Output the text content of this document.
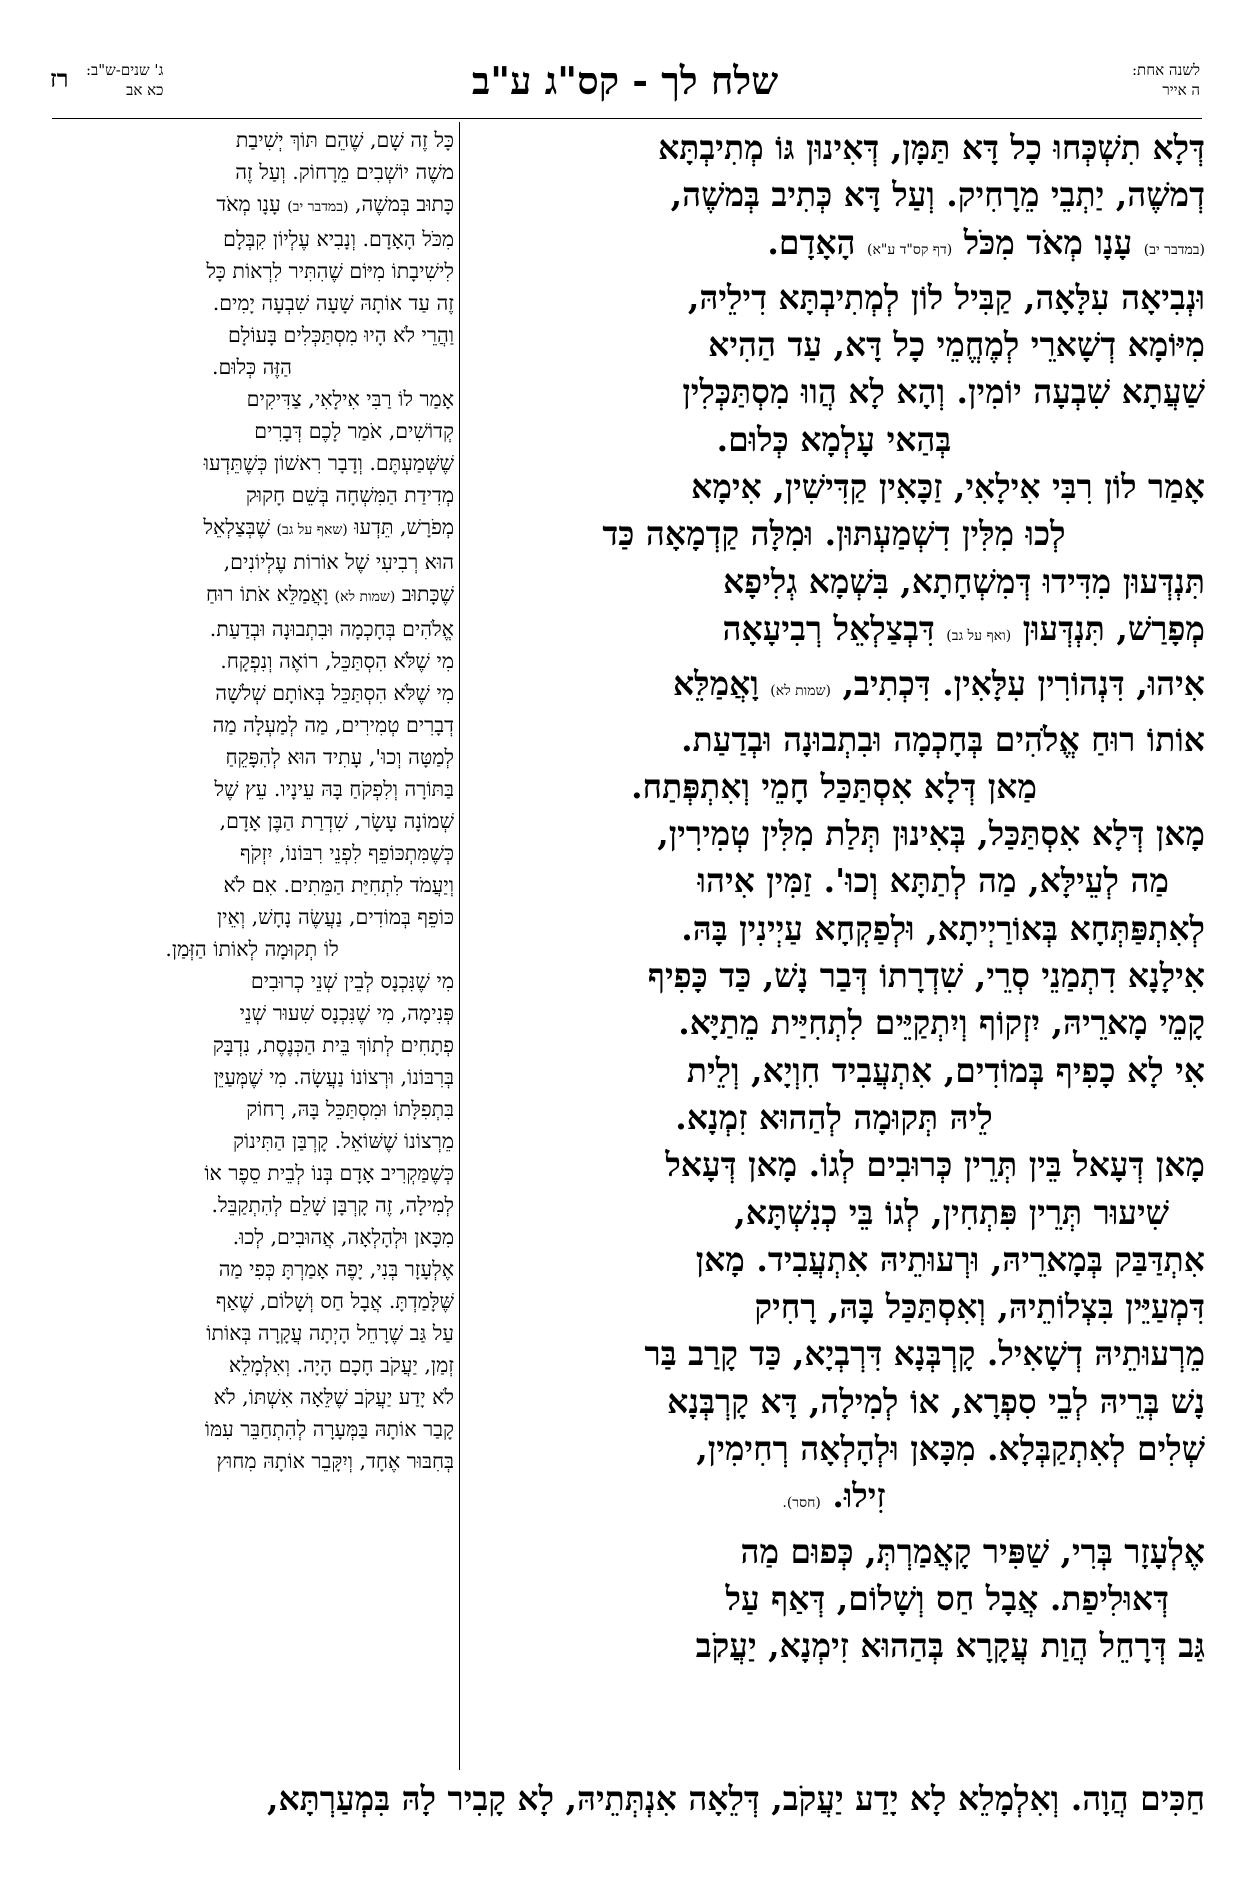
לשנה אחת:
ה אייר
שלח לך - קס"ג ע"ב
ג' שנים-ש"ב:
כא אב
רז

דְּלָא תִשְׁכְּחוּ כָל דָּא תַּמָּן, דְּאִינוּן גּוֹ מְתִיבְתָּא

דְמשֶׁה, יַתְבֵי מֵרָחִיק. וְעַל דָּא כְּתִיב בְּמשֶׁה,

(במדבר יב) עָנָו מְאֹד מִכֹּל (דף קס"ד ע"א) הָאָדָם.

וּנְבִיאָה עִלָּאָה, קַבִּיל לוֹן לְמְתִיבְתָּא דִילֵיהּ,

מִיּוֹמָא דְשָׁארֵי לְמֶחֱמֵי כָל דָּא, עַד הַהִיא

שַׁעֲתָא שִׁבְעָה יוֹמִין. וְהָא לָא הֲווּ מִסְתַּכְּלִין

בְּהַאי עָלְמָא כְּלוּם.

אָמַר לוֹן רִבִּי אִילָאִי, זַכָּאִין קַדִּישִׁין, אִימָא

לְכוּ מִלִּין דִשְׁמַעְתּוּן. וּמִלָּה קַדְמָאָה כַּד

תִּנְדְּעוּן מִדִּידוּ דְּמִשְׁחָתָא, בִּשְׁמָא גְלִיפָא

מְפָרַשׁ, תִּנְדְּעוּן (ואף על גב) דִּבְצַלְאֵל רְבִיעָאָה

אִיהוּ, דִּנְהוֹרִין עִלָּאִין. דִּכְתִיב, (שמות לא) וָאֲמַלֵּא

אוֹתוֹ רוּחַ אֱלֹהִים בְּחָכְמָה וּבִתְבוּנָה וּבְדַעַת.

מַאן דְּלָא אִסְתַּכַּל חָמֵי וְאִתְפְּתַח.

מָאן דְּלָא אִסְתַּכַּל, בְּאִינוּן תְּלַת מִלִּין טְמִירִין,

מַה לְעֵילָּא, מַה לְתַתָּא וְכוּ'. זַמִּין אִיהוּ

לְאִתְפַּתְּחָא בְּאוֹרַיְיתָא, וּלְפַקְחָא עַיְינִין בָּהּ.

אִילָנָא דִתְמַנֵי סְרֵי, שִׁדְרָתוֹ דְּבַר נָשׁ, כַּד כָּפִיף

קָמֵי מָארֵיהּ, יִזְקוֹף וְיִתְקַיֵּים לִתְחִיַּית מֵתַיָּא.

אִי לָא כָפִיף בְּמוֹדִים, אִתְעֲבִיד חִוְיָא, וְלֵית

לֵיהּ תְּקוּמָה לְהַהוּא זִמְנָא.

מָאן דְּעָאל בֵּין תְּרֵין כְּרוּבִים לְגוֹ. מָאן דְּעָאל

שִׁיעוּר תְּרֵין פִּתְחִין, לְגוֹ בֵּי כְנִשְׁתָּא,

אִתְדַּבַּק בְּמָארֵיהּ, וּרְעוּתֵיהּ אִתְעֲבִיד. מָאן

דִּמְעַיֵּין בִּצְלוֹתֵיהּ, וְאִסְתַּכַּל בָּהּ, רָחִיק

מֵרְעוּתֵיהּ דְשָׁאִיל. קָרְבְּנָא דִּרְבְיָא, כַּד קָרַב בַּר

נָשׁ בְּרֵיהּ לְבֵי סִפְרָא, אוֹ לְמִילָה, דָּא קָרְבְּנָא

שְׁלִים לְאִתְקַבְּלָא. מִכָּאן וּלְהָלְאָה רְחִימִין,

זִילוּ. (חסר).

אֶלְעָזָר בְּרִי, שַׁפִּיר קָאֲמַרְתְּ, כְּפוּם מַה

דְּאוּלִיפַת. אֲבָל חַס וְשָׁלוֹם, דְּאַף עַל

גַּב דְּרָחֵל הֲוַת עֲקָרָא בְּהַהוּא זִימְנָא, יַעֲקֹב

כָּל זֶה שָׁם, שֶׁהֵם תּוֹךְ יְשִׁיבַת

משֶׁה יוֹשְׁבִים מֵרָחוֹק. וְעַל זֶה

כָּתוּב בְּמשֶׁה, (במדבר יב) עָנָו מְאֹד

מִכֹּל הָאָדָם. וְנָבִיא עֶלְיוֹן קִבְּלָם

לִישִׁיבָתוֹ מִיּוֹם שֶׁהִתִּיר לִרְאוֹת כָּל

זֶה עַד אוֹתָהּ שָׁעָה שִׁבְעָה יָמִים.

וַהֲרֵי לֹא הָיוּ מִסְתַּכְּלִים בָּעוֹלָם

הַזֶּה כְּלוּם.

אָמַר לוֹ רַבִּי אִילָאִי, צַדִּיקִים

קְדוֹשִׁים, אֹמַר לָכֶם דְּבָרִים

שֶׁשְּׁמַעְתֶּם. וְדָבָר רִאשׁוֹן כְּשֶׁתֵּדְעוּ

מְדִידַת הַמִּשְׁחָה בְּשֵׁם חָקוּק

מְפֹרָשׁ, תֵּדְעוּ (שאף על גב) שֶׁבְּצַלְאֵל

הוּא רְבִיעִי שֶׁל אוֹרוֹת עֶלְיוֹנִים,

שֶׁכָּתוּב (שמות לא) וָאֲמַלֵּא אֹתוֹ רוּחַ

אֱלֹהִים בְּחָכְמָה וּבִתְבוּנָה וּבְדַעַת.

מִי שֶׁלֹּא הִסְתַּכֵּל, רוֹאֶה וְנִפְקָח.

מִי שֶׁלֹּא הִסְתַּכֵּל בְּאוֹתָם שְׁלֹשָׁה

דְבָרִים טְמִירִים, מַה לְמַעְלָה מַה

לְמַטָּה וְכוּ', עָתִיד הוּא לְהִפָּקֵחַ

בַּתּוֹרָה וְלִפְקֹחַ בָּהּ עֵינָיו. עֵץ שֶׁל

שְׁמוֹנָה עָשָׂר, שִׁדְרַת הַבֶּן אָדָם,

כְּשֶׁמִּתְכּוֹפֵף לִפְנֵי רִבּוֹנוֹ, יִזְקֹף

וְיַעֲמֹד לִתְחִיַּת הַמֵּתִים. אִם לֹא

כּוֹפֵף בְּמוֹדִים, נַעֲשֶׂה נָחָשׁ, וְאֵין

לוֹ תְקוּמָה לְאוֹתוֹ הַזְּמַן.

מִי שֶׁנִּכְנָס לְבֵין שְׁנֵי כְרוּבִים

פְּנִימָה, מִי שֶׁנִּכְנָס שִׁעוּר שְׁנֵי

פְתָחִים לְתוֹךְ בֵּית הַכְּנֶסֶת, נִדְבָּק

בְּרִבּוֹנוֹ, וּרְצוֹנוֹ נַעֲשָׂה. מִי שֶׁמְּעַיֵּן

בִּתְפִלָּתוֹ וּמִסְתַּכֵּל בָּהּ, רָחוֹק

מֵרְצוֹנוֹ שֶׁשּׁוֹאֵל. קָרְבַּן הַתִּינוֹק

כְּשֶׁמַּקְרִיב אָדָם בְּנוֹ לְבֵית סֵפֶר אוֹ

לְמִילָה, זֶה קָרְבָּן שָׁלֵם לְהִתְקַבֵּל.

מִכָּאן וּלְהָלְאָה, אֲהוּבִים, לְכוּ.

אֶלְעָזָר בְּנִי, יָפֶה אָמַרְתָּ כְּפִי מַה

שֶּׁלָּמַדְתָּ. אֲבָל חַס וְשָׁלוֹם, שֶׁאַף

עַל גַּב שֶׁרָחֵל הָיְתָה עֲקָרָה בְּאוֹתוֹ

זְמַן, יַעֲקֹב חָכָם הָיָה. וְאִלְמָלֵא

לֹא יָדַע יַעֲקֹב שֶׁלֵּאָה אִשְׁתּוֹ, לֹא

קָבַר אוֹתָהּ בַּמְּעָרָה לְהִתְחַבֵּר עִמּוֹ

בְּחִבּוּר אֶחָד, וְיִקָּבֵר אוֹתָהּ מִחוּץ

חַכִּים הֲוָה. וְאִלְמָלֵא לָא יָדַע יַעֲקֹב, דְּלֵאָה אִנְתְּתֵיהּ, לָא קָבִיר לָהּ בִּמְעַרְתָּא,
